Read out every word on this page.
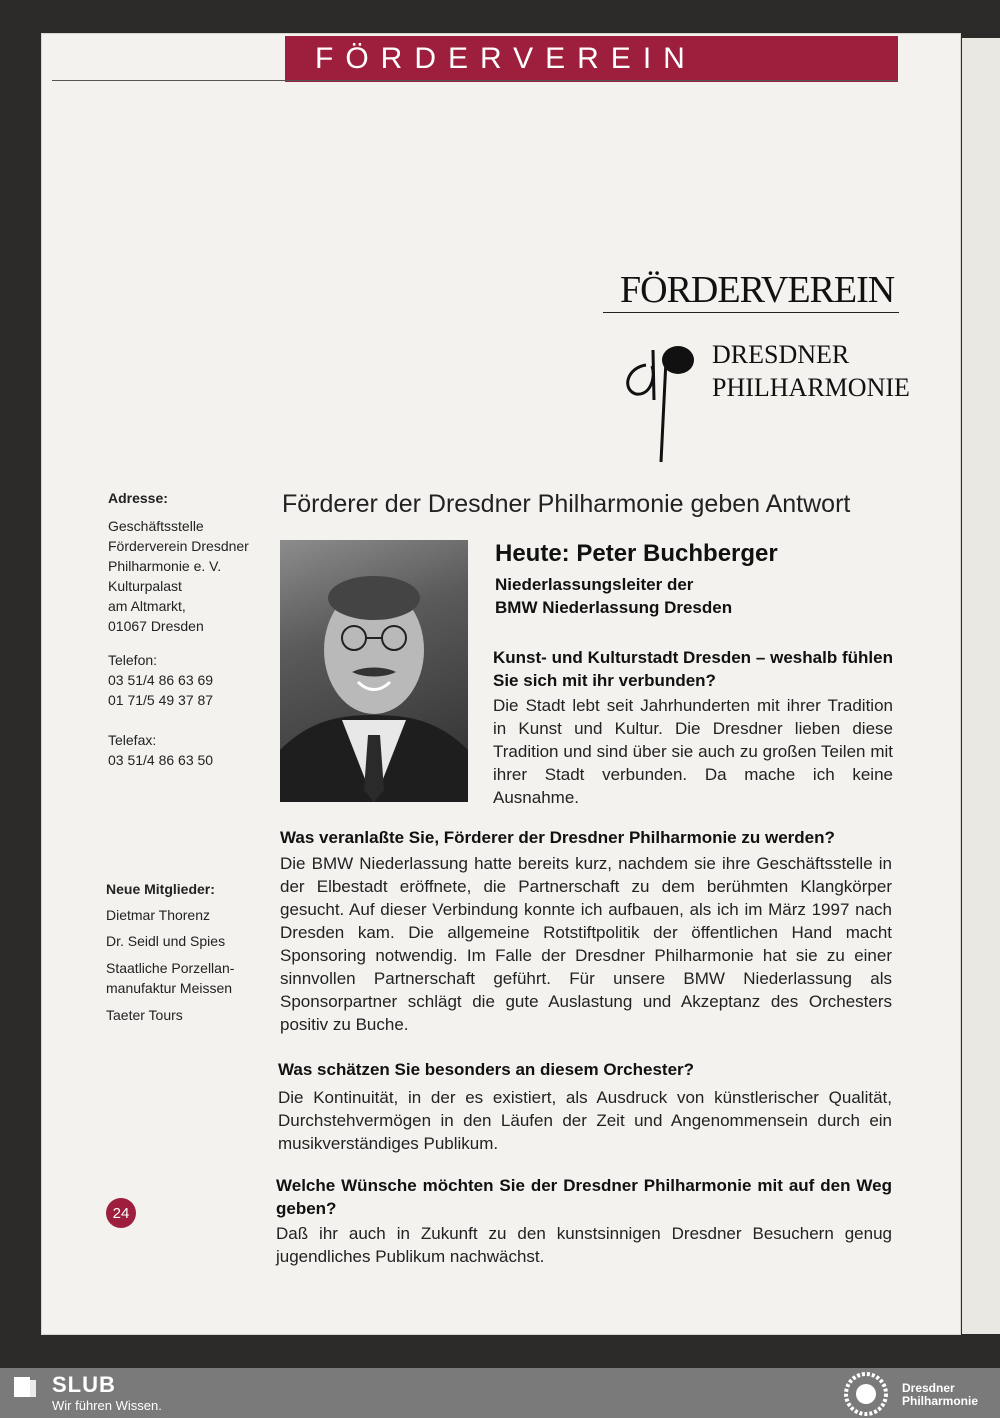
FÖRDERVEREIN
FÖRDERVEREIN
DRESDNER
PHILHARMONIE
Adresse:
Geschäftsstelle
Förderverein Dresdner
Philharmonie e. V.
Kulturpalast
am Altmarkt,
01067 Dresden
Telefon:
03 51/4 86 63 69
01 71/5 49 37 87
Telefax:
03 51/4 86 63 50
Neue Mitglieder:
Dietmar Thorenz
Dr. Seidl und Spies
Staatliche Porzellan-
manufaktur Meissen
Taeter Tours
Förderer der Dresdner Philharmonie geben Antwort
Heute: Peter Buchberger
Niederlassungsleiter der
BMW Niederlassung Dresden
Kunst- und Kulturstadt Dresden – weshalb fühlen Sie sich mit ihr verbunden?
Die Stadt lebt seit Jahrhunderten mit ihrer Tradition in Kunst und Kultur. Die Dresdner lieben diese Tradition und sind über sie auch zu großen Teilen mit ihrer Stadt verbunden. Da mache ich keine Ausnahme.
Was veranlaßte Sie, Förderer der Dresdner Philharmonie zu werden?
Die BMW Niederlassung hatte bereits kurz, nachdem sie ihre Geschäftsstelle in der Elbestadt eröffnete, die Partnerschaft zu dem berühmten Klangkörper gesucht. Auf dieser Verbindung konnte ich aufbauen, als ich im März 1997 nach Dresden kam. Die allgemeine Rotstiftpolitik der öffentlichen Hand macht Sponsoring notwendig. Im Falle der Dresdner Philharmonie hat sie zu einer sinnvollen Partnerschaft geführt. Für unsere BMW Niederlassung als Sponsorpartner schlägt die gute Auslastung und Akzeptanz des Orchesters positiv zu Buche.
Was schätzen Sie besonders an diesem Orchester?
Die Kontinuität, in der es existiert, als Ausdruck von künstlerischer Qualität, Durchstehvermögen in den Läufen der Zeit und Angenommensein durch ein musikverständiges Publikum.
Welche Wünsche möchten Sie der Dresdner Philharmonie mit auf den Weg geben?
Daß ihr auch in Zukunft zu den kunstsinnigen Dresdner Besuchern genug jugendliches Publikum nachwächst.
24
SLUB
Wir führen Wissen.
Dresdner
Philharmonie
